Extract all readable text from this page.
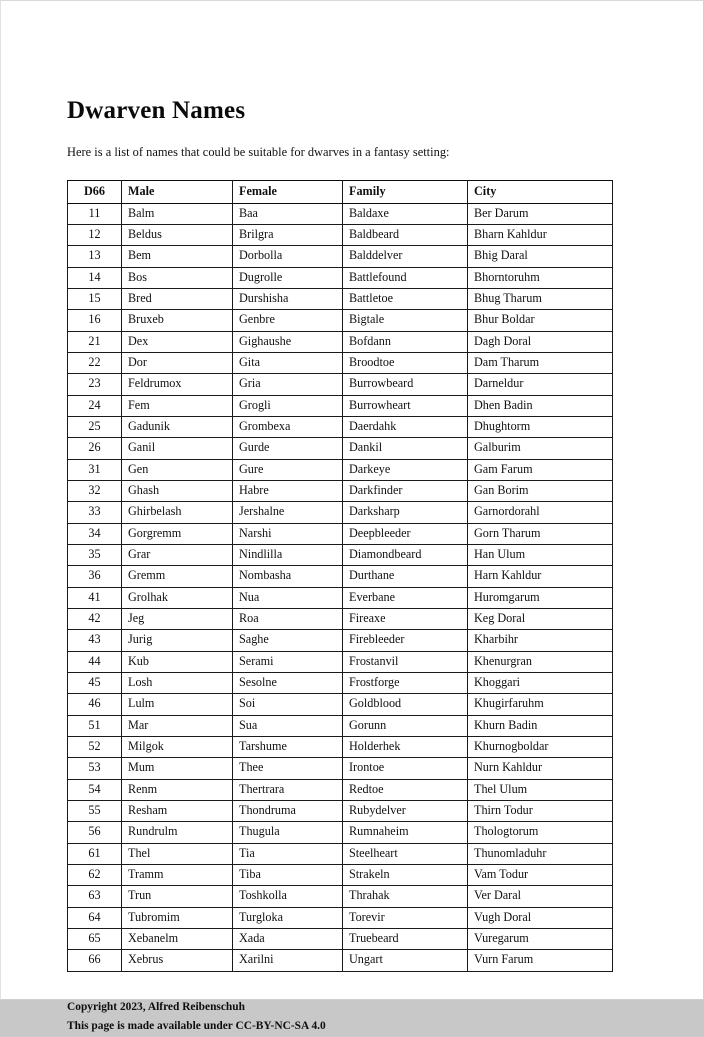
Dwarven Names

Here is a list of names that could be suitable for dwarves in a fantasy setting:

D66	Male	Female	Family	City
11	Balm	Baa	Baldaxe	Ber Darum
12	Beldus	Brilgra	Baldbeard	Bharn Kahldur
13	Bem	Dorbolla	Balddelver	Bhig Daral
14	Bos	Dugrolle	Battlefound	Bhorntoruhm
15	Bred	Durshisha	Battletoe	Bhug Tharum
16	Bruxeb	Genbre	Bigtale	Bhur Boldar
21	Dex	Gighaushe	Bofdann	Dagh Doral
22	Dor	Gita	Broodtoe	Dam Tharum
23	Feldrumox	Gria	Burrowbeard	Darneldur
24	Fem	Grogli	Burrowheart	Dhen Badin
25	Gadunik	Grombexa	Daerdahk	Dhughtorm
26	Ganil	Gurde	Dankil	Galburim
31	Gen	Gure	Darkeye	Gam Farum
32	Ghash	Habre	Darkfinder	Gan Borim
33	Ghirbelash	Jershalne	Darksharp	Garnordorahl
34	Gorgremm	Narshi	Deepbleeder	Gorn Tharum
35	Grar	Nindlilla	Diamondbeard	Han Ulum
36	Gremm	Nombasha	Durthane	Harn Kahldur
41	Grolhak	Nua	Everbane	Huromgarum
42	Jeg	Roa	Fireaxe	Keg Doral
43	Jurig	Saghe	Firebleeder	Kharbihr
44	Kub	Serami	Frostanvil	Khenurgran
45	Losh	Sesolne	Frostforge	Khoggari
46	Lulm	Soi	Goldblood	Khugirfaruhm
51	Mar	Sua	Gorunn	Khurn Badin
52	Milgok	Tarshume	Holderhek	Khurnogboldar
53	Mum	Thee	Irontoe	Nurn Kahldur
54	Renm	Thertrara	Redtoe	Thel Ulum
55	Resham	Thondruma	Rubydelver	Thirn Todur
56	Rundrulm	Thugula	Rumnaheim	Thologtorum
61	Thel	Tia	Steelheart	Thunomladuhr
62	Tramm	Tiba	Strakeln	Vam Todur
63	Trun	Toshkolla	Thrahak	Ver Daral
64	Tubromim	Turgloka	Torevir	Vugh Doral
65	Xebanelm	Xada	Truebeard	Vuregarum
66	Xebrus	Xarilni	Ungart	Vurn Farum
Copyright 2023, Alfred Reibenschuh
This page is made available under CC-BY-NC-SA 4.0
